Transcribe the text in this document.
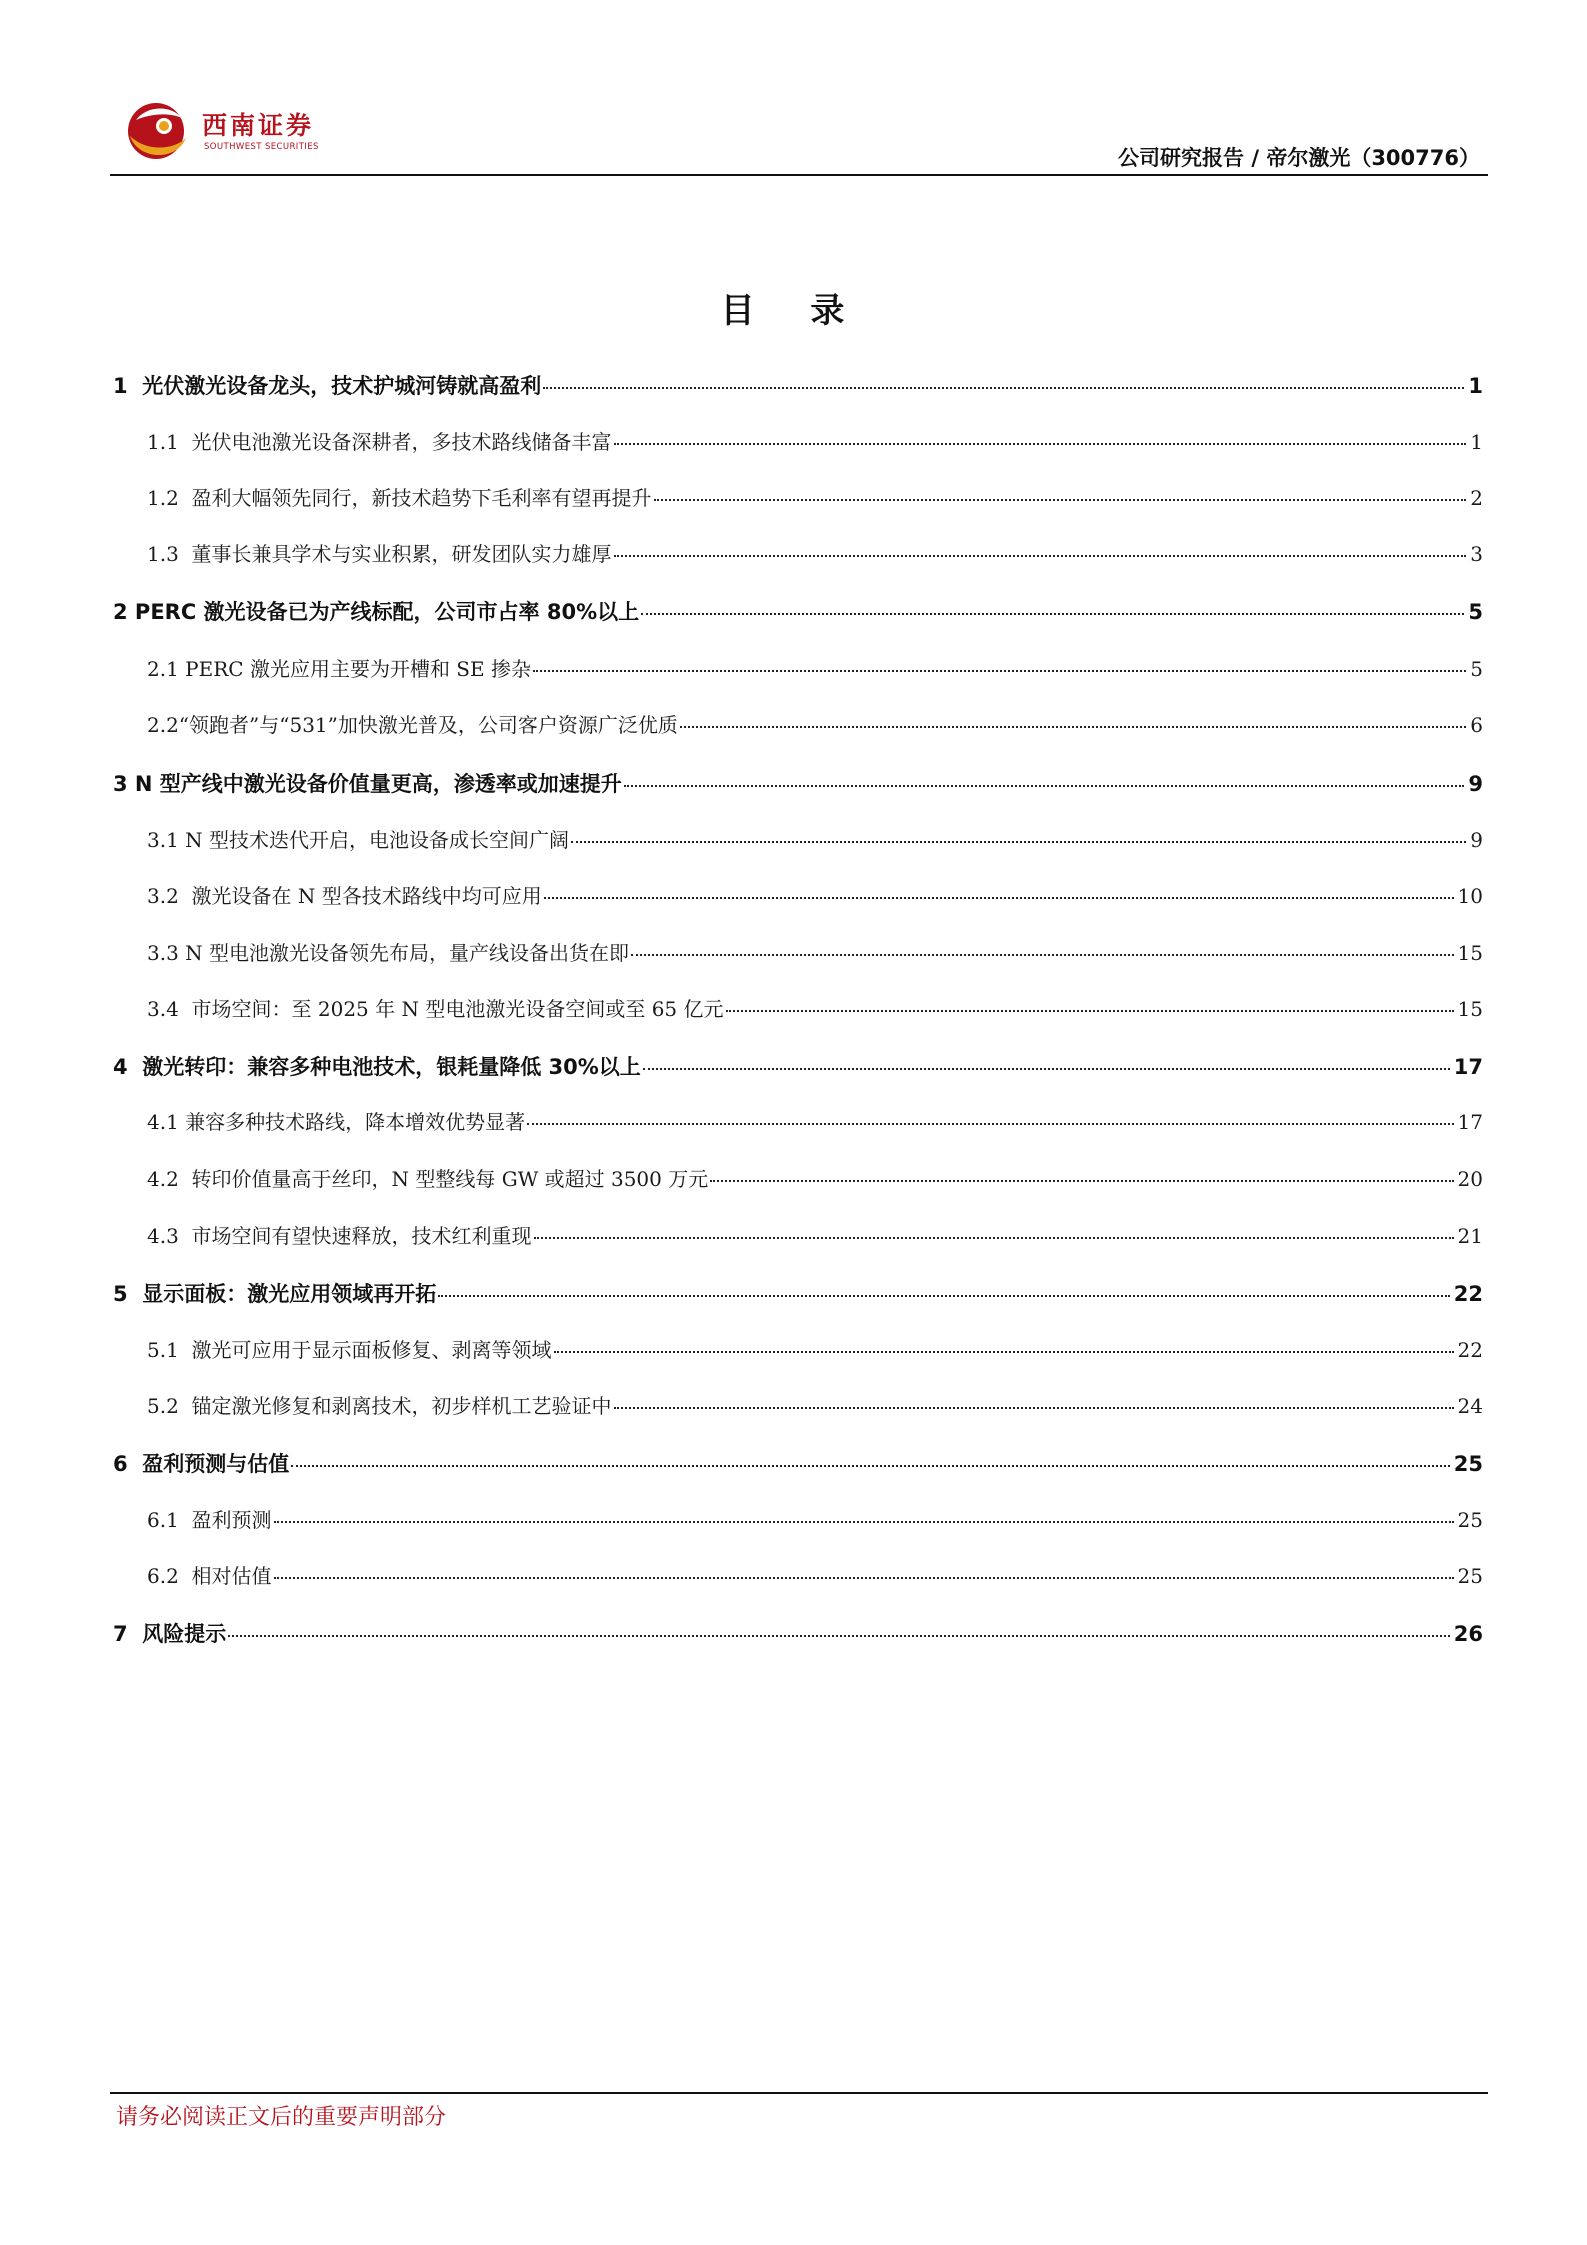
西南证券
SOUTHWEST SECURITIES	公司研究报告 / 帝尔激光（300776）
目 录
1  光伏激光设备龙头，技术护城河铸就高盈利	1
1.1  光伏电池激光设备深耕者，多技术路线储备丰富	1
1.2  盈利大幅领先同行，新技术趋势下毛利率有望再提升	2
1.3  董事长兼具学术与实业积累，研发团队实力雄厚	3
2 PERC 激光设备已为产线标配，公司市占率 80%以上	5
2.1 PERC 激光应用主要为开槽和 SE 掺杂	5
2.2“领跑者”与“531”加快激光普及，公司客户资源广泛优质	6
3 N 型产线中激光设备价值量更高，渗透率或加速提升	9
3.1 N 型技术迭代开启，电池设备成长空间广阔	9
3.2  激光设备在 N 型各技术路线中均可应用	10
3.3 N 型电池激光设备领先布局，量产线设备出货在即	15
3.4  市场空间：至 2025 年 N 型电池激光设备空间或至 65 亿元	15
4  激光转印：兼容多种电池技术，银耗量降低 30%以上	17
4.1 兼容多种技术路线，降本增效优势显著	17
4.2  转印价值量高于丝印，N 型整线每 GW 或超过 3500 万元	20
4.3  市场空间有望快速释放，技术红利重现	21
5  显示面板：激光应用领域再开拓	22
5.1  激光可应用于显示面板修复、剥离等领域	22
5.2  锚定激光修复和剥离技术，初步样机工艺验证中	24
6  盈利预测与估值	25
6.1  盈利预测	25
6.2  相对估值	25
7  风险提示	26
请务必阅读正文后的重要声明部分
